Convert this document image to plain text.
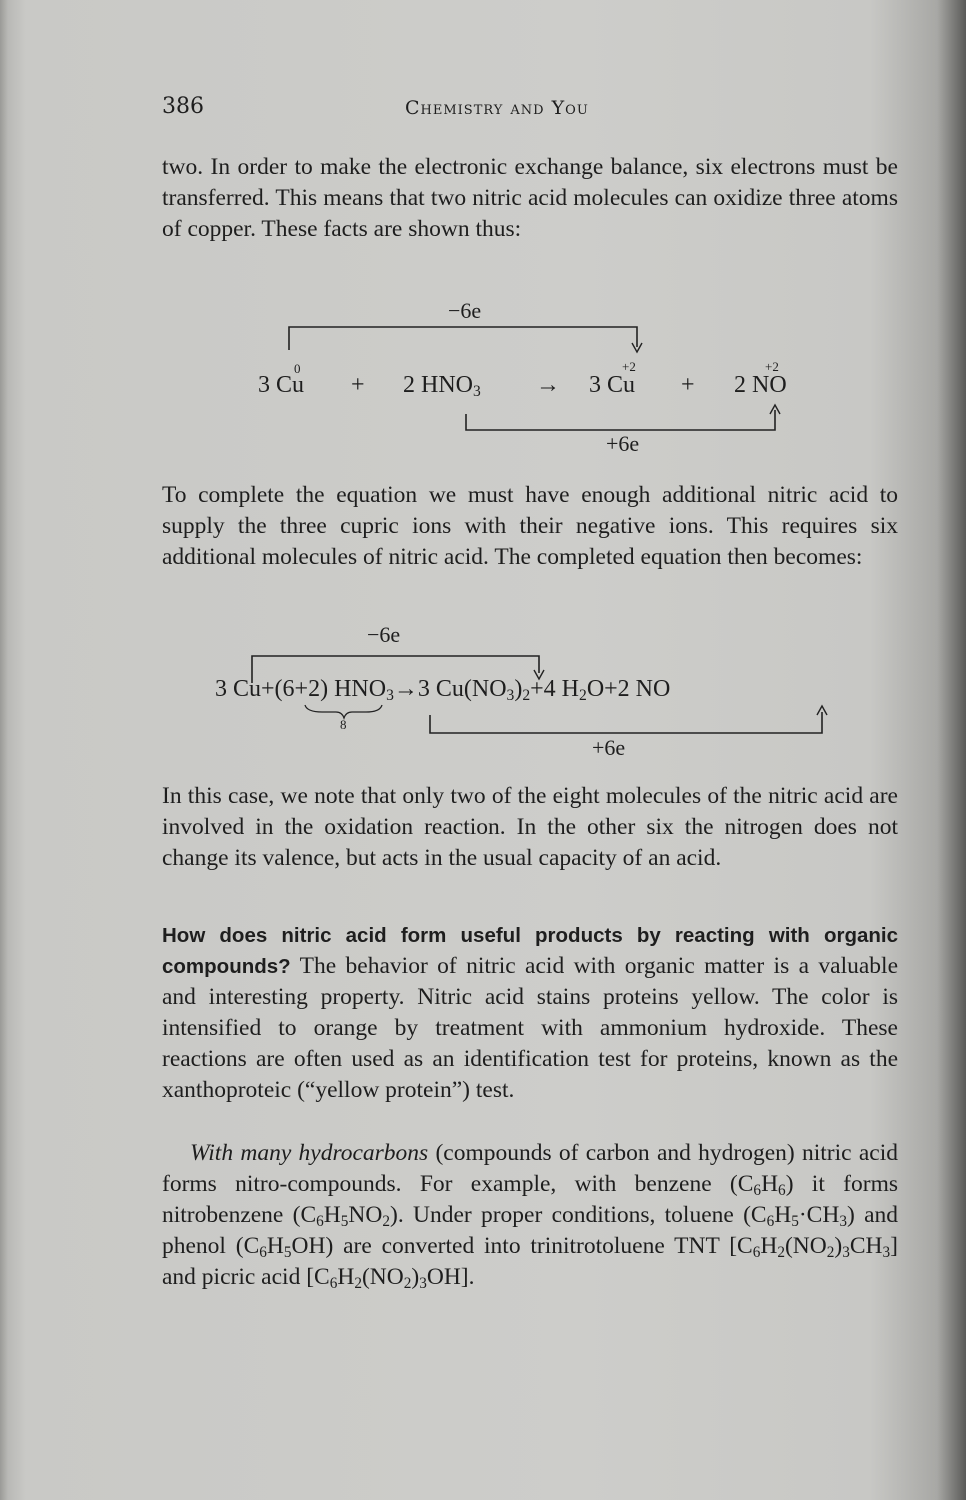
386	Chemistry and You

two. In order to make the electronic exchange balance, six electrons must be transferred. This means that two nitric acid molecules can oxidize three atoms of copper. These facts are shown thus:

−6e
0	+2	+2
3 Cu + 2 $HNO_3 \to 3$ Cu + 2 NO
+6e

To complete the equation we must have enough additional nitric acid to supply the three cupric ions with their negative ions. This requires six additional molecules of nitric acid. The completed equation then becomes:

−6e
3 Cu+(6+2) $HNO_3\to 3$ $Cu(NO_3)_2+4$ $H_2O+2$ NO
8
+6e

In this case, we note that only two of the eight molecules of the nitric acid are involved in the oxidation reaction. In the other six the nitrogen does not change its valence, but acts in the usual capacity of an acid.

How does nitric acid form useful products by reacting with organic compounds? The behavior of nitric acid with organic matter is a valuable and interesting property. Nitric acid stains proteins yellow. The color is intensified to orange by treatment with ammonium hydroxide. These reactions are often used as an identification test for proteins, known as the xanthoproteic (“yellow protein”) test.

With many hydrocarbons (compounds of carbon and hydrogen) nitric acid forms nitro-compounds. For example, with benzene $(C_6H_6)$ it forms nitrobenzene $(C_6H_5NO_2)$. Under proper conditions, toluene $(C_6H_5\cdot CH_3)$ and phenol $(C_6H_5OH)$ are converted into trinitrotoluene TNT $[C_6H_2(NO_2)_3CH_3]$ and picric acid $[C_6H_2(NO_2)_3OH]$.
